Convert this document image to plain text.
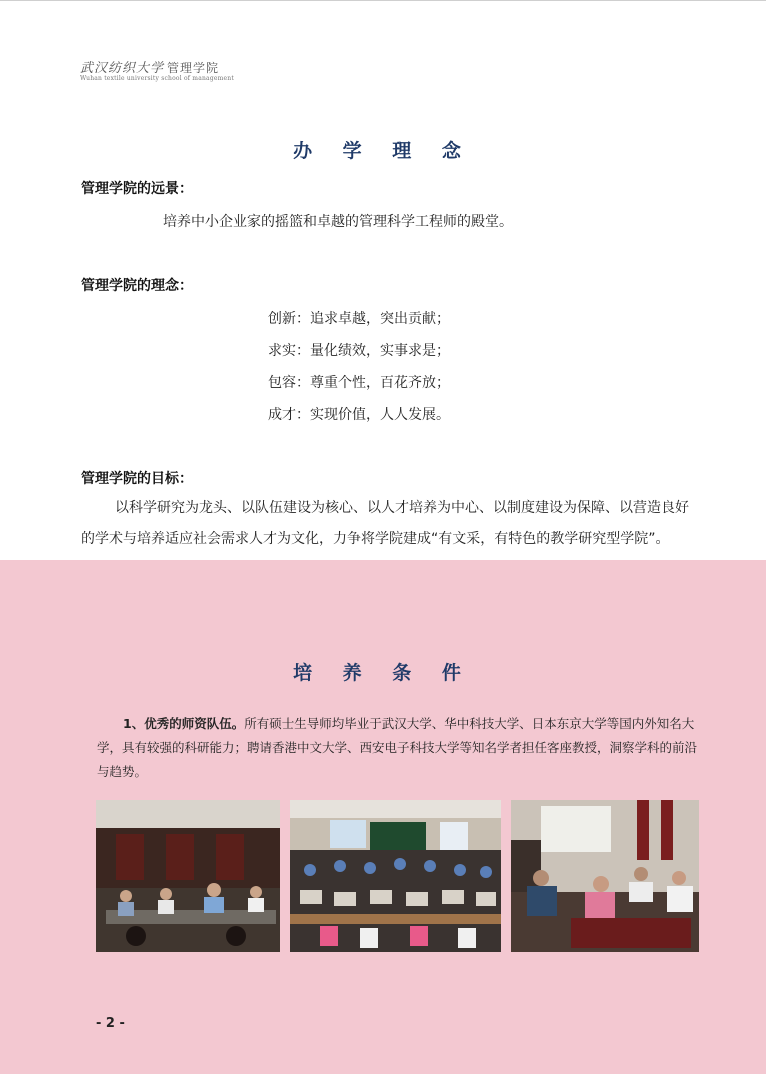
武汉纺织大学 管理学院
Wuhan textile university school of management
办 学 理 念
管理学院的远景：
培养中小企业家的摇篮和卓越的管理科学工程师的殿堂。
管理学院的理念：
创新：追求卓越，突出贡献；
求实：量化绩效，实事求是；
包容：尊重个性，百花齐放；
成才：实现价值，人人发展。
管理学院的目标：
以科学研究为龙头、以队伍建设为核心、以人才培养为中心、以制度建设为保障、以营造良好的学术与培养适应社会需求人才为文化，力争将学院建成“有文采，有特色的教学研究型学院”。
培 养 条 件
1、优秀的师资队伍。所有硕士生导师均毕业于武汉大学、华中科技大学、日本东京大学等国内外知名大学，具有较强的科研能力；聘请香港中文大学、西安电子科技大学等知名学者担任客座教授，洞察学科的前沿与趋势。
- 2 -
